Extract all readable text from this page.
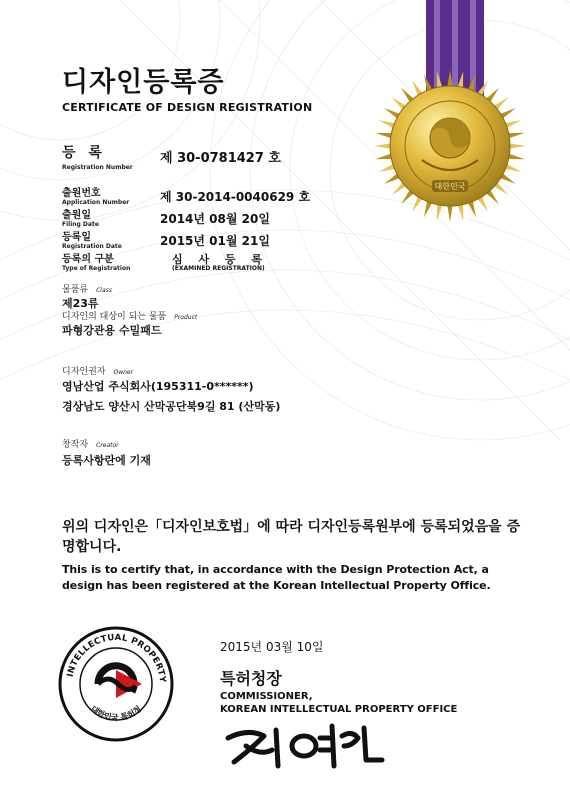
대한민국
디자인등록증
CERTIFICATE OF DESIGN REGISTRATION
등 록
Registration Number
제 30-0781427 호
출원번호
Application Number	제 30-2014-0040629 호
출원일
Filing Date	2014년 08월 20일
등록일
Registration Date	2015년 01월 21일
등록의 구분
Type of Registration
심 사 등 록
(EXAMINED REGISTRATION)
물품류 Class
제23류
디자인의 대상이 되는 물품 Product
파형강관용 수밀패드
디자인권자 Owner
영남산업 주식회사(195311-0******)
경상남도 양산시 산막공단북9길 81 (산막동)
창작자 Creator
등록사항란에 기재
위의 디자인은「디자인보호법」에 따라 디자인등록원부에 등록되었음을 증명합니다.
This is to certify that, in accordance with the Design Protection Act, a design has been registered at the Korean Intellectual Property Office.
INTELLECTUAL PROPERTY
대한민국 특허청
2015년 03월 10일
특허청장
COMMISSIONER,
KOREAN INTELLECTUAL PROPERTY OFFICE
